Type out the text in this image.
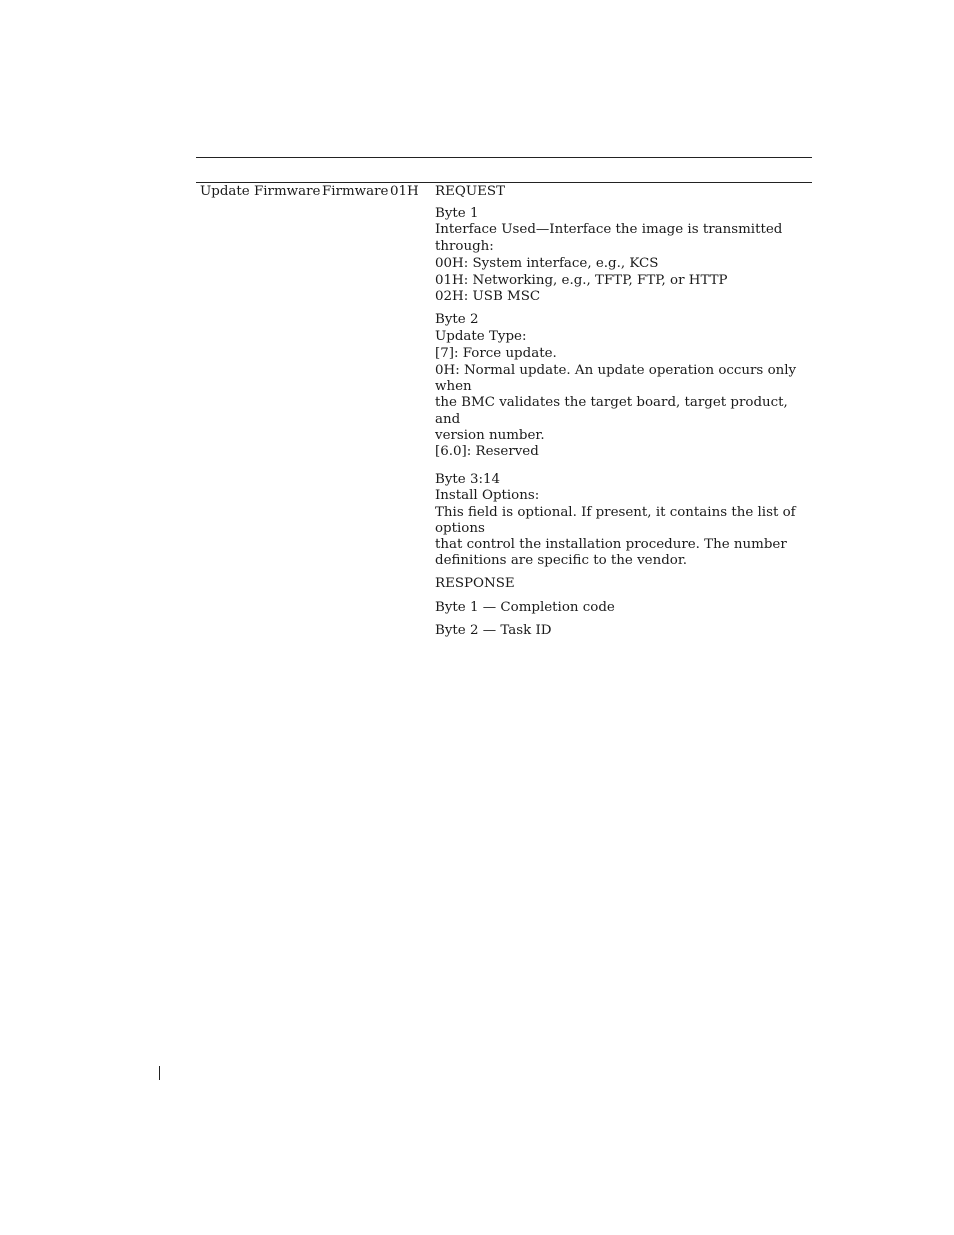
Update Firmware Firmware 01H REQUEST

Byte 1

Interface Used—Interface the image is transmitted through:

00H: System interface, e.g., KCS

01H: Networking, e.g., TFTP, FTP, or HTTP

02H: USB MSC

Byte 2

Update Type:

[7]: Force update.

0H: Normal update. An update operation occurs only when

the BMC validates the target board, target product, and

version number.

[6.0]: Reserved

Byte 3:14

Install Options:

This field is optional. If present, it contains the list of options

that control the installation procedure. The number

definitions are specific to the vendor.

RESPONSE

Byte 1 — Completion code

Byte 2 — Task ID
